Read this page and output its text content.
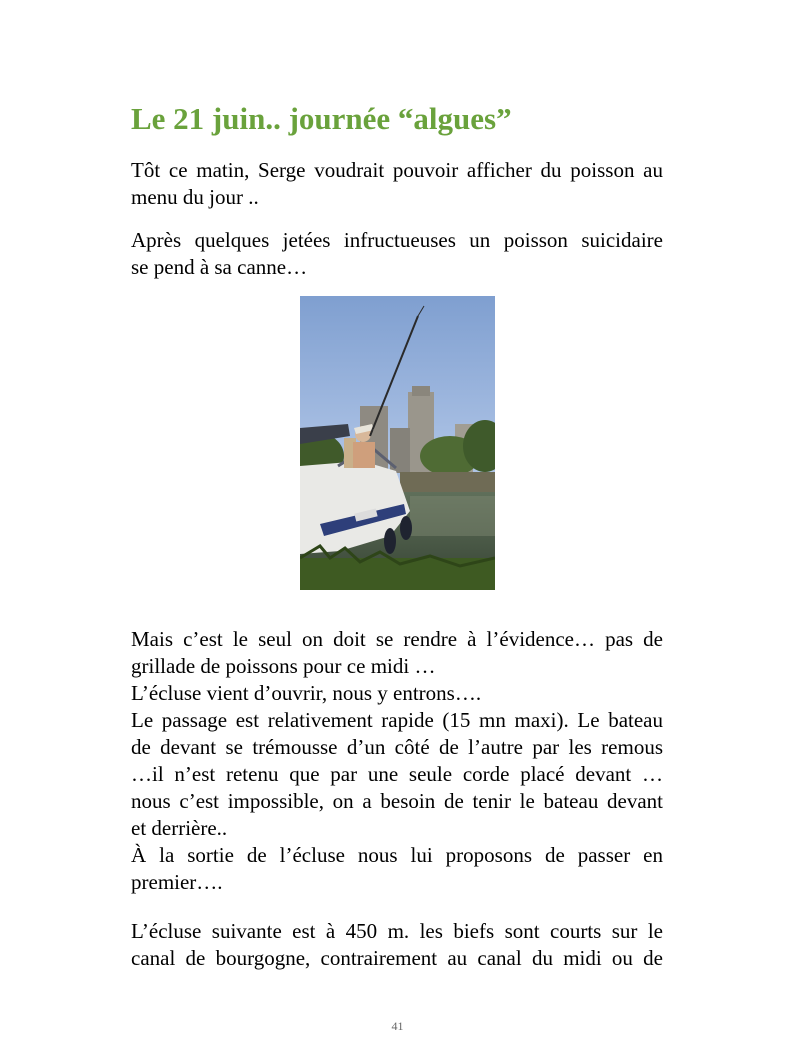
Le 21 juin.. journée “algues”
Tôt ce matin, Serge voudrait pouvoir afficher du poisson au
menu du jour ..
Après quelques jetées infructueuses un poisson suicidaire
se pend à sa canne…
Mais c’est le seul on doit se rendre à l’évidence… pas de
grillade de poissons pour ce midi …
L’écluse vient d’ouvrir, nous y entrons….
Le passage est relativement rapide (15 mn maxi). Le bateau
de devant se trémousse d’un côté de l’autre par les remous
…il n’est retenu que par une seule corde placé devant …
nous c’est impossible, on a besoin de tenir le bateau devant
et derrière..
À la sortie de l’écluse nous lui proposons de passer en
premier….
L’écluse suivante est à 450 m. les biefs sont courts sur le
canal de bourgogne, contrairement au canal du midi ou de
41
